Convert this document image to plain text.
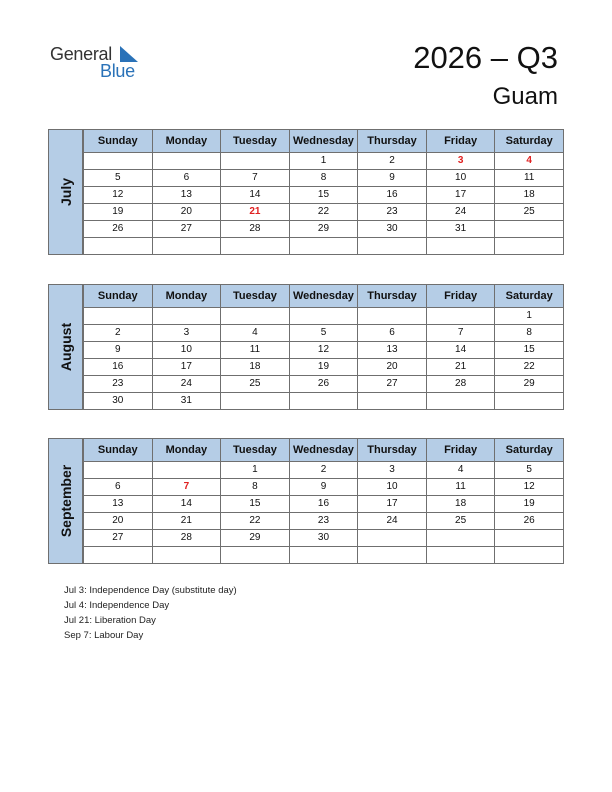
General
Blue	2026 – Q3
Guam
July
Sunday	Monday	Tuesday	Wednesday	Thursday	Friday	Saturday
			1	2	3	4
5	6	7	8	9	10	11
12	13	14	15	16	17	18
19	20	21	22	23	24	25
26	27	28	29	30	31	

August
Sunday	Monday	Tuesday	Wednesday	Thursday	Friday	Saturday
						1
2	3	4	5	6	7	8
9	10	11	12	13	14	15
16	17	18	19	20	21	22
23	24	25	26	27	28	29
30	31					
September
Sunday	Monday	Tuesday	Wednesday	Thursday	Friday	Saturday
		1	2	3	4	5
6	7	8	9	10	11	12
13	14	15	16	17	18	19
20	21	22	23	24	25	26
27	28	29	30			

Jul 3: Independence Day (substitute day)
Jul 4: Independence Day
Jul 21: Liberation Day
Sep 7: Labour Day
